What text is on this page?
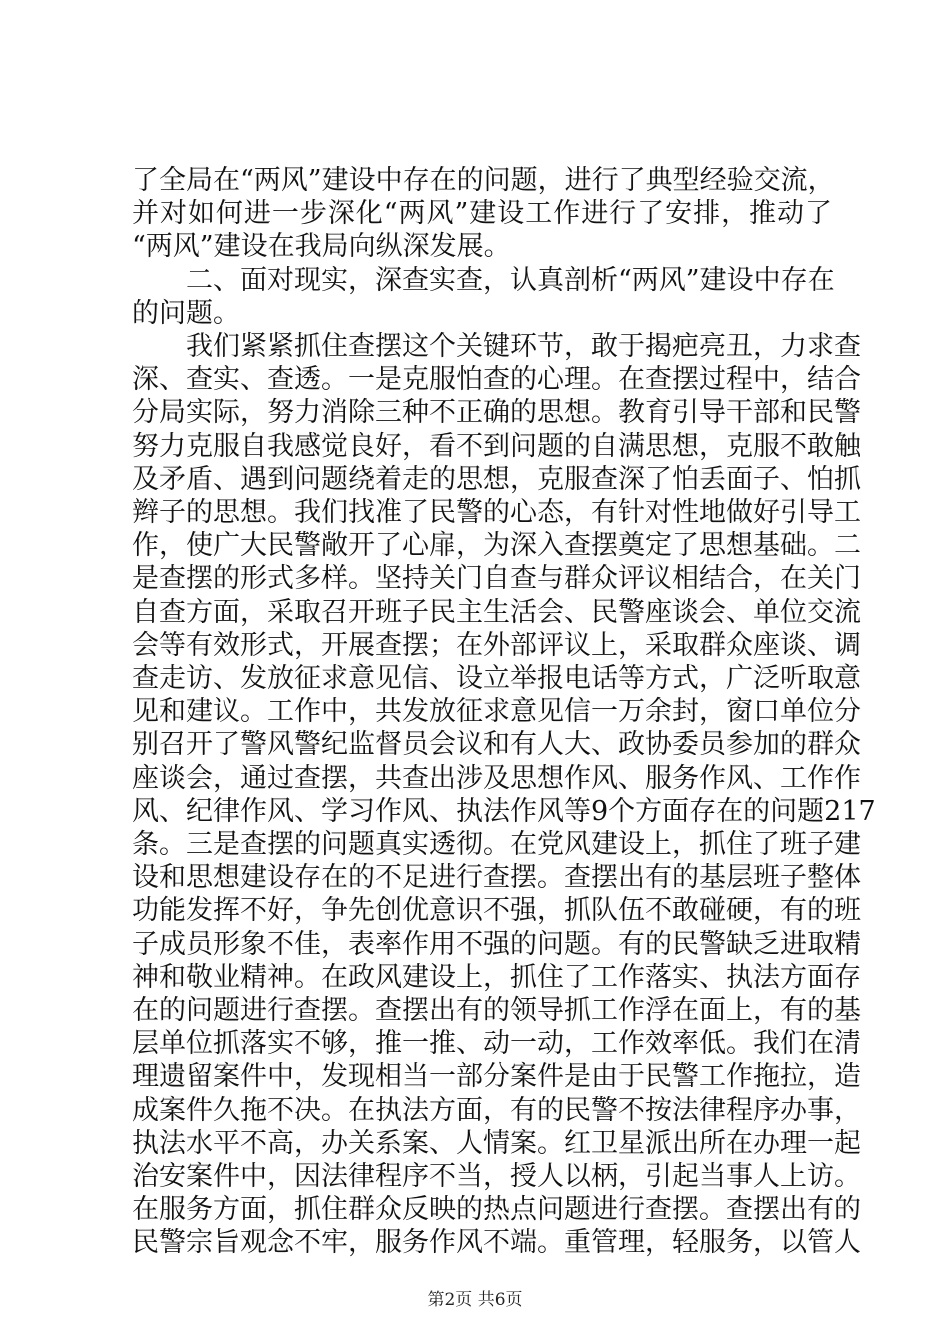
了全局在“两风”建设中存在的问题，进行了典型经验交流，
并对如何进一步深化“两风”建设工作进行了安排，推动了
“两风”建设在我局向纵深发展。
二、面对现实，深查实查，认真剖析“两风”建设中存在
的问题。
我们紧紧抓住查摆这个关键环节，敢于揭疤亮丑，力求查
深、查实、查透。一是克服怕查的心理。在查摆过程中，结合
分局实际，努力消除三种不正确的思想。教育引导干部和民警
努力克服自我感觉良好，看不到问题的自满思想，克服不敢触
及矛盾、遇到问题绕着走的思想，克服查深了怕丢面子、怕抓
辫子的思想。我们找准了民警的心态，有针对性地做好引导工
作，使广大民警敞开了心扉，为深入查摆奠定了思想基础。二
是查摆的形式多样。坚持关门自查与群众评议相结合，在关门
自查方面，采取召开班子民主生活会、民警座谈会、单位交流
会等有效形式，开展查摆；在外部评议上，采取群众座谈、调
查走访、发放征求意见信、设立举报电话等方式，广泛听取意
见和建议。工作中，共发放征求意见信一万余封，窗口单位分
别召开了警风警纪监督员会议和有人大、政协委员参加的群众
座谈会，通过查摆，共查出涉及思想作风、服务作风、工作作
风、纪律作风、学习作风、执法作风等9个方面存在的问题217
条。三是查摆的问题真实透彻。在党风建设上，抓住了班子建
设和思想建设存在的不足进行查摆。查摆出有的基层班子整体
功能发挥不好，争先创优意识不强，抓队伍不敢碰硬，有的班
子成员形象不佳，表率作用不强的问题。有的民警缺乏进取精
神和敬业精神。在政风建设上，抓住了工作落实、执法方面存
在的问题进行查摆。查摆出有的领导抓工作浮在面上，有的基
层单位抓落实不够，推一推、动一动，工作效率低。我们在清
理遗留案件中，发现相当一部分案件是由于民警工作拖拉，造
成案件久拖不决。在执法方面，有的民警不按法律程序办事，
执法水平不高，办关系案、人情案。红卫星派出所在办理一起
治安案件中，因法律程序不当，授人以柄，引起当事人上访。
在服务方面，抓住群众反映的热点问题进行查摆。查摆出有的
民警宗旨观念不牢，服务作风不端。重管理，轻服务，以管人
第2页 共6页
